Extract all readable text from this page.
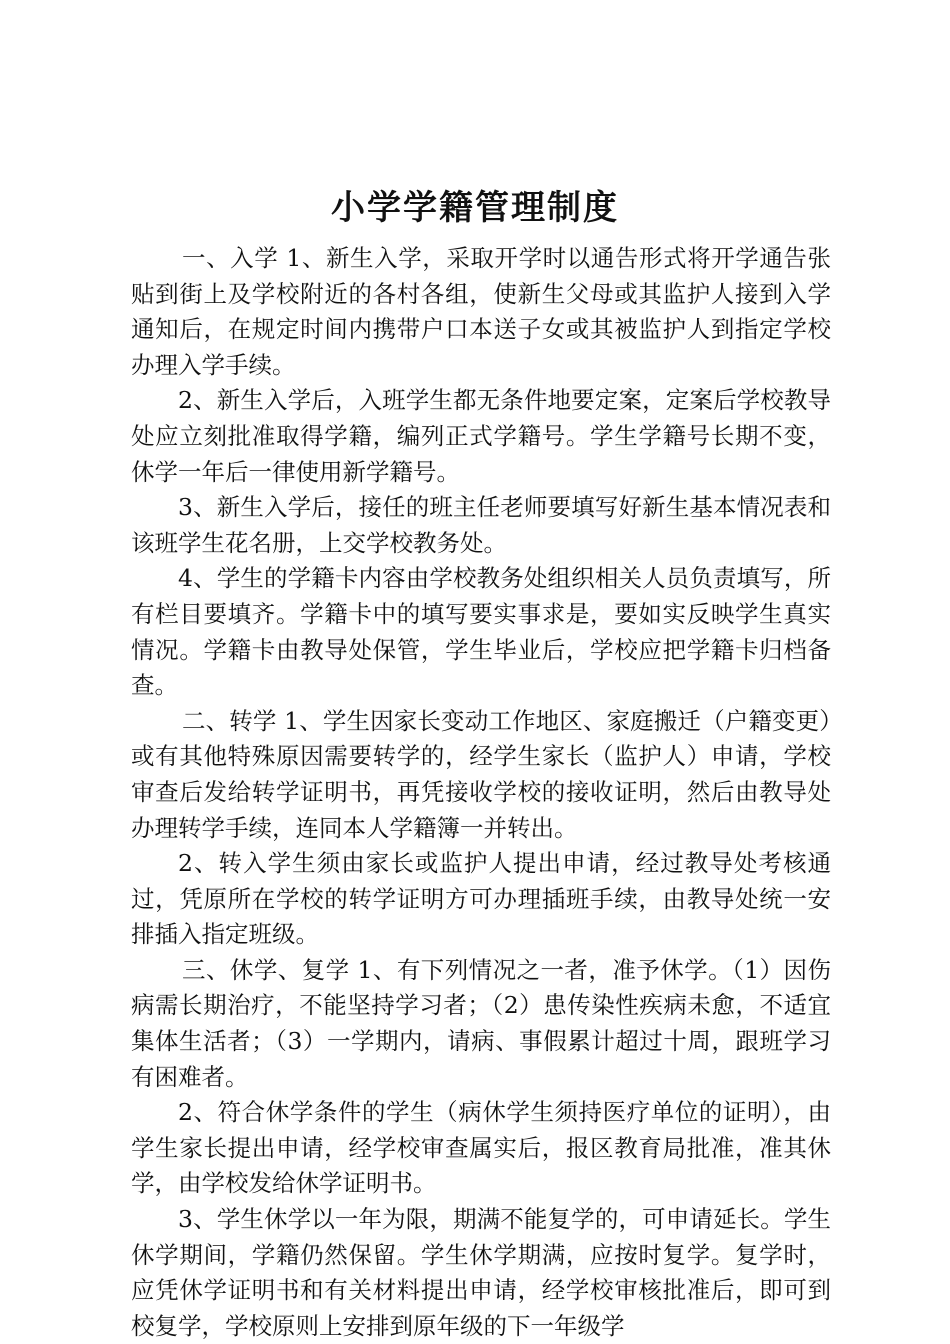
小学学籍管理制度

一、入学 1、新生入学，采取开学时以通告形式将开学通告张贴到街上及学校附近的各村各组，使新生父母或其监护人接到入学通知后，在规定时间内携带户口本送子女或其被监护人到指定学校办理入学手续。

2、新生入学后，入班学生都无条件地要定案，定案后学校教导处应立刻批准取得学籍，编列正式学籍号。学生学籍号长期不变，休学一年后一律使用新学籍号。

3、新生入学后，接任的班主任老师要填写好新生基本情况表和该班学生花名册，上交学校教务处。

4、学生的学籍卡内容由学校教务处组织相关人员负责填写，所有栏目要填齐。学籍卡中的填写要实事求是，要如实反映学生真实情况。学籍卡由教导处保管，学生毕业后，学校应把学籍卡归档备查。

二、转学 1、学生因家长变动工作地区、家庭搬迁（户籍变更）或有其他特殊原因需要转学的，经学生家长（监护人）申请，学校审查后发给转学证明书，再凭接收学校的接收证明，然后由教导处办理转学手续，连同本人学籍簿一并转出。

2、转入学生须由家长或监护人提出申请，经过教导处考核通过，凭原所在学校的转学证明方可办理插班手续，由教导处统一安排插入指定班级。

三、休学、复学 1、有下列情况之一者，准予休学。（1）因伤病需长期治疗，不能坚持学习者；（2）患传染性疾病未愈，不适宜集体生活者；（3）一学期内，请病、事假累计超过十周，跟班学习有困难者。

2、符合休学条件的学生（病休学生须持医疗单位的证明），由学生家长提出申请，经学校审查属实后，报区教育局批准，准其休学，由学校发给休学证明书。

3、学生休学以一年为限，期满不能复学的，可申请延长。学生休学期间，学籍仍然保留。学生休学期满，应按时复学。复学时，应凭休学证明书和有关材料提出申请，经学校审核批准后，即可到校复学，学校原则上安排到原年级的下一年级学
